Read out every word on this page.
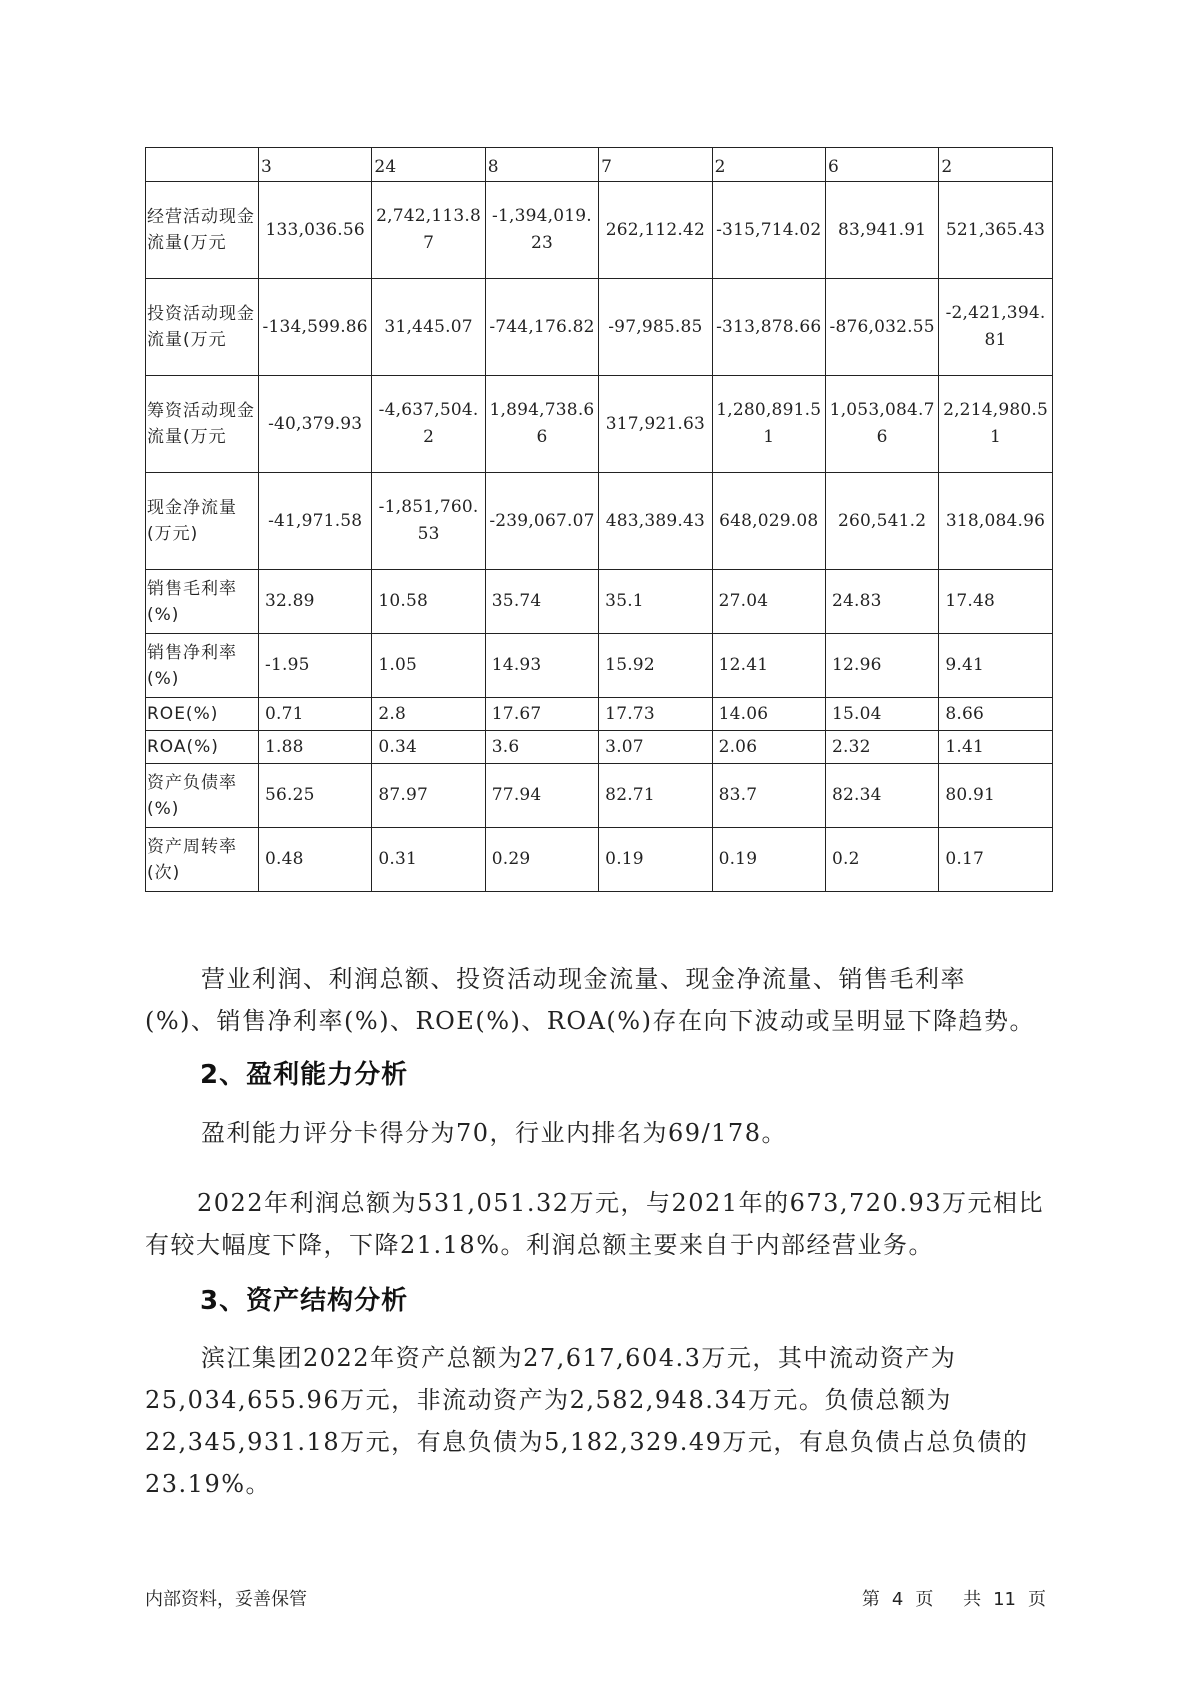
	3	24	8	7	2	6	2
经营活动现金流量(万元	133,036.56	2,742,113.87	-1,394,019.23	262,112.42	-315,714.02	83,941.91	521,365.43
投资活动现金流量(万元	-134,599.86	31,445.07	-744,176.82	-97,985.85	-313,878.66	-876,032.55	-2,421,394.81
筹资活动现金流量(万元	-40,379.93	-4,637,504.2	1,894,738.66	317,921.63	1,280,891.51	1,053,084.76	2,214,980.51
现金净流量(万元)	-41,971.58	-1,851,760.53	-239,067.07	483,389.43	648,029.08	260,541.2	318,084.96
销售毛利率(%)	32.89	10.58	35.74	35.1	27.04	24.83	17.48
销售净利率(%)	-1.95	1.05	14.93	15.92	12.41	12.96	9.41
ROE(%)	0.71	2.8	17.67	17.73	14.06	15.04	8.66
ROA(%)	1.88	0.34	3.6	3.07	2.06	2.32	1.41
资产负债率(%)	56.25	87.97	77.94	82.71	83.7	82.34	80.91
资产周转率(次)	0.48	0.31	0.29	0.19	0.19	0.2	0.17
营业利润、利润总额、投资活动现金流量、现金净流量、销售毛利率
(%)、销售净利率(%)、ROE(%)、ROA(%)存在向下波动或呈明显下降趋势。
2、盈利能力分析
盈利能力评分卡得分为70，行业内排名为69/178。
2022年利润总额为531,051.32万元，与2021年的673,720.93万元相比
有较大幅度下降，下降21.18%。利润总额主要来自于内部经营业务。
3、资产结构分析
滨江集团2022年资产总额为27,617,604.3万元，其中流动资产为
25,034,655.96万元，非流动资产为2,582,948.34万元。负债总额为
22,345,931.18万元，有息负债为5,182,329.49万元，有息负债占总负债的
23.19%。
内部资料，妥善保管	第 4 页 共 11 页
